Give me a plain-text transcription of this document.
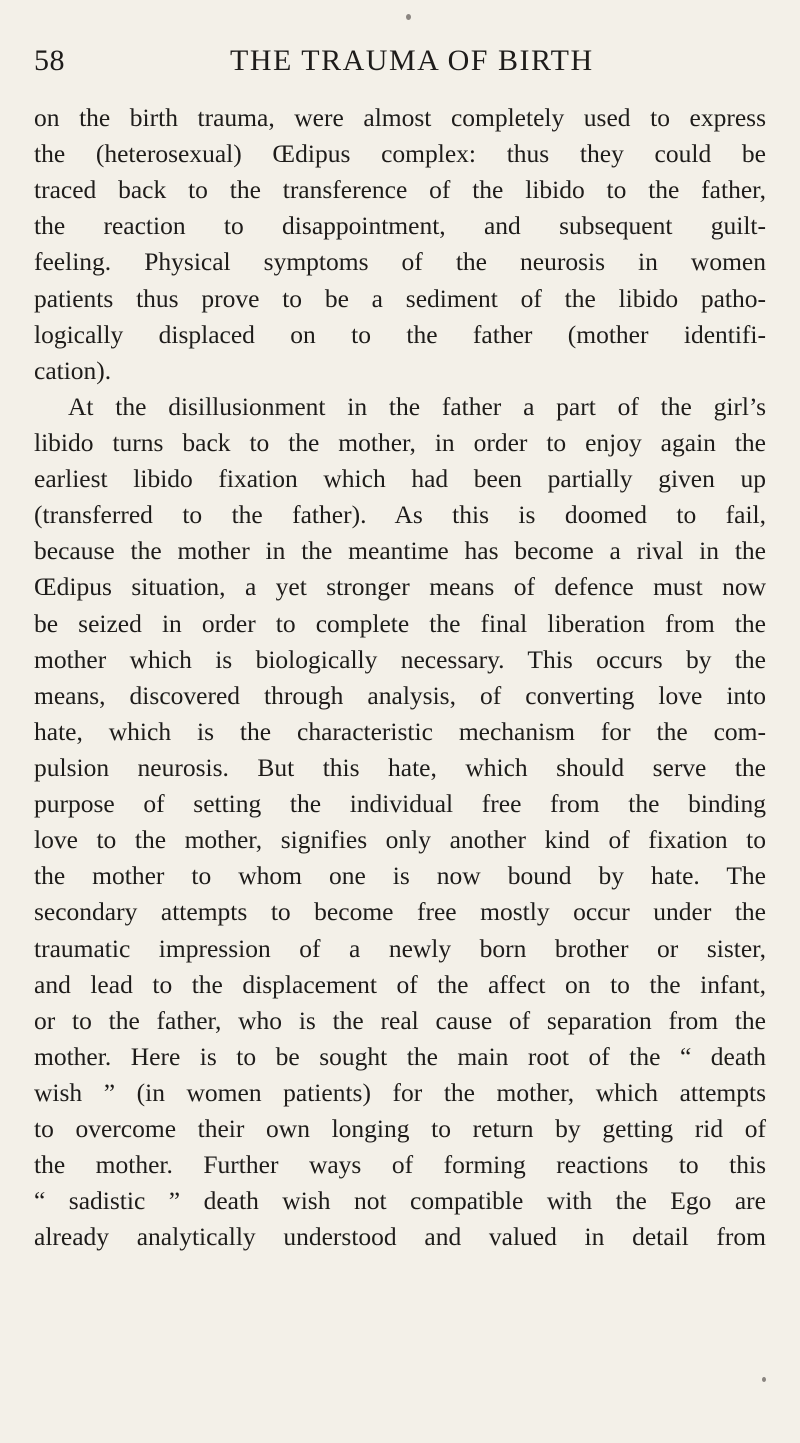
58	THE TRAUMA OF BIRTH
on the birth trauma, were almost completely used to express
the (heterosexual) Œdipus complex: thus they could be
traced back to the transference of the libido to the father,
the reaction to disappointment, and subsequent guilt-
feeling. Physical symptoms of the neurosis in women
patients thus prove to be a sediment of the libido patho-
logically displaced on to the father (mother identifi-
cation).
At the disillusionment in the father a part of the girl’s
libido turns back to the mother, in order to enjoy again the
earliest libido fixation which had been partially given up
(transferred to the father). As this is doomed to fail,
because the mother in the meantime has become a rival in the
Œdipus situation, a yet stronger means of defence must now
be seized in order to complete the final liberation from the
mother which is biologically necessary. This occurs by the
means, discovered through analysis, of converting love into
hate, which is the characteristic mechanism for the com-
pulsion neurosis. But this hate, which should serve the
purpose of setting the individual free from the binding
love to the mother, signifies only another kind of fixation to
the mother to whom one is now bound by hate. The
secondary attempts to become free mostly occur under the
traumatic impression of a newly born brother or sister,
and lead to the displacement of the affect on to the infant,
or to the father, who is the real cause of separation from the
mother. Here is to be sought the main root of the “ death
wish ” (in women patients) for the mother, which attempts
to overcome their own longing to return by getting rid of
the mother. Further ways of forming reactions to this
“ sadistic ” death wish not compatible with the Ego are
already analytically understood and valued in detail from
